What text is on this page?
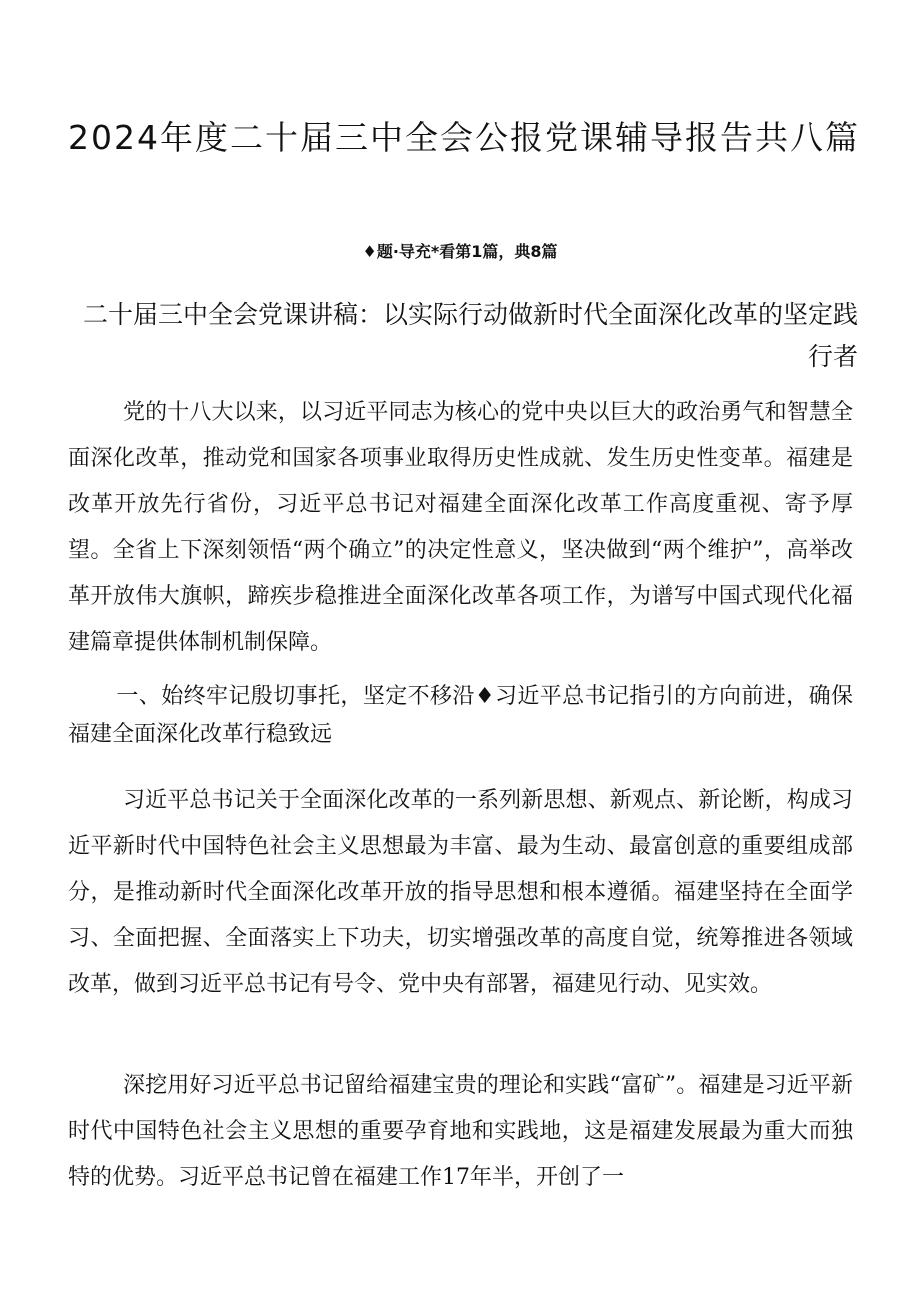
2024年度二十届三中全会公报党课辅导报告共八篇
♦题·导充*看第1篇，典8篇
二十届三中全会党课讲稿：以实际行动做新时代全面深化改革的坚定践行者

党的十八大以来，以习近平同志为核心的党中央以巨大的政治勇气和智慧全面深化改革，推动党和国家各项事业取得历史性成就、发生历史性变革。福建是改革开放先行省份，习近平总书记对福建全面深化改革工作高度重视、寄予厚望。全省上下深刻领悟“两个确立”的决定性意义，坚决做到“两个维护”，高举改革开放伟大旗帜，蹄疾步稳推进全面深化改革各项工作，为谱写中国式现代化福建篇章提供体制机制保障。

一、始终牢记殷切事托，坚定不移沿♦习近平总书记指引的方向前进，确保福建全面深化改革行稳致远

习近平总书记关于全面深化改革的一系列新思想、新观点、新论断，构成习近平新时代中国特色社会主义思想最为丰富、最为生动、最富创意的重要组成部分，是推动新时代全面深化改革开放的指导思想和根本遵循。福建坚持在全面学习、全面把握、全面落实上下功夫，切实增强改革的高度自觉，统筹推进各领域改革，做到习近平总书记有号令、党中央有部署，福建见行动、见实效。

深挖用好习近平总书记留给福建宝贵的理论和实践“富矿”。福建是习近平新时代中国特色社会主义思想的重要孕育地和实践地，这是福建发展最为重大而独特的优势。习近平总书记曾在福建工作17年半，开创了一
